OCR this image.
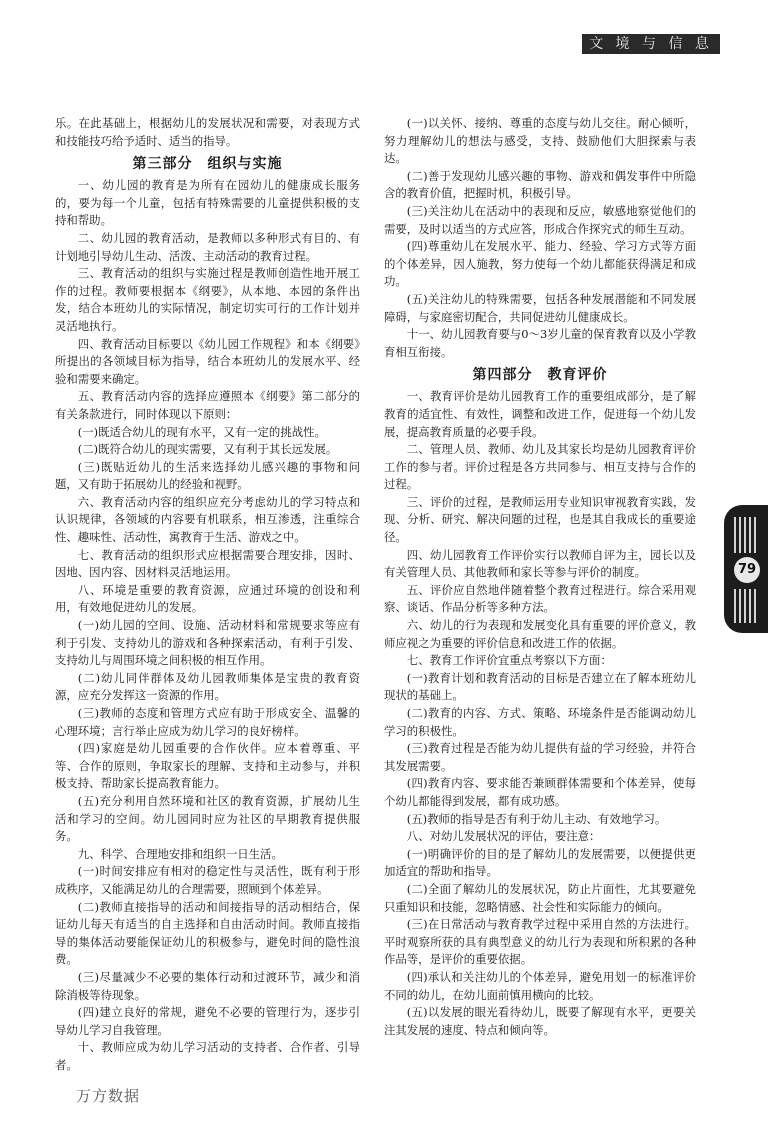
文 境 与 信 息
79

乐。在此基础上，根据幼儿的发展状况和需要，对表现方式和技能技巧给予适时、适当的指导。

第三部分　组织与实施

一、幼儿园的教育是为所有在园幼儿的健康成长服务的，要为每一个儿童，包括有特殊需要的儿童提供积极的支持和帮助。

二、幼儿园的教育活动，是教师以多种形式有目的、有计划地引导幼儿生动、活泼、主动活动的教育过程。

三、教育活动的组织与实施过程是教师创造性地开展工作的过程。教师要根据本《纲要》，从本地、本园的条件出发，结合本班幼儿的实际情况，制定切实可行的工作计划并灵活地执行。

四、教育活动目标要以《幼儿园工作规程》和本《纲要》所提出的各领域目标为指导，结合本班幼儿的发展水平、经验和需要来确定。

五、教育活动内容的选择应遵照本《纲要》第二部分的有关条款进行，同时体现以下原则：

(一)既适合幼儿的现有水平，又有一定的挑战性。

(二)既符合幼儿的现实需要，又有利于其长远发展。

(三)既贴近幼儿的生活来选择幼儿感兴趣的事物和问题，又有助于拓展幼儿的经验和视野。

六、教育活动内容的组织应充分考虑幼儿的学习特点和认识规律，各领域的内容要有机联系，相互渗透，注重综合性、趣味性、活动性，寓教育于生活、游戏之中。

七、教育活动的组织形式应根据需要合理安排，因时、因地、因内容、因材料灵活地运用。

八、环境是重要的教育资源，应通过环境的创设和利用，有效地促进幼儿的发展。

(一)幼儿园的空间、设施、活动材料和常规要求等应有利于引发、支持幼儿的游戏和各种探索活动，有利于引发、支持幼儿与周围环境之间积极的相互作用。

(二)幼儿同伴群体及幼儿园教师集体是宝贵的教育资源，应充分发挥这一资源的作用。

(三)教师的态度和管理方式应有助于形成安全、温馨的心理环境；言行举止应成为幼儿学习的良好榜样。

(四)家庭是幼儿园重要的合作伙伴。应本着尊重、平等、合作的原则，争取家长的理解、支持和主动参与，并积极支持、帮助家长提高教育能力。

(五)充分利用自然环境和社区的教育资源，扩展幼儿生活和学习的空间。幼儿园同时应为社区的早期教育提供服务。

九、科学、合理地安排和组织一日生活。

(一)时间安排应有相对的稳定性与灵活性，既有利于形成秩序，又能满足幼儿的合理需要，照顾到个体差异。

(二)教师直接指导的活动和间接指导的活动相结合，保证幼儿每天有适当的自主选择和自由活动时间。教师直接指导的集体活动要能保证幼儿的积极参与，避免时间的隐性浪费。

(三)尽量减少不必要的集体行动和过渡环节，减少和消除消极等待现象。

(四)建立良好的常规，避免不必要的管理行为，逐步引导幼儿学习自我管理。

十、教师应成为幼儿学习活动的支持者、合作者、引导者。

(一)以关怀、接纳、尊重的态度与幼儿交往。耐心倾听，努力理解幼儿的想法与感受，支持、鼓励他们大胆探索与表达。

(二)善于发现幼儿感兴趣的事物、游戏和偶发事件中所隐含的教育价值，把握时机，积极引导。

(三)关注幼儿在活动中的表现和反应，敏感地察觉他们的需要，及时以适当的方式应答，形成合作探究式的师生互动。

(四)尊重幼儿在发展水平、能力、经验、学习方式等方面的个体差异，因人施教，努力使每一个幼儿都能获得满足和成功。

(五)关注幼儿的特殊需要，包括各种发展潜能和不同发展障碍，与家庭密切配合，共同促进幼儿健康成长。

十一、幼儿园教育要与0～3岁儿童的保育教育以及小学教育相互衔接。

第四部分　教育评价

一、教育评价是幼儿园教育工作的重要组成部分，是了解教育的适宜性、有效性，调整和改进工作，促进每一个幼儿发展，提高教育质量的必要手段。

二、管理人员、教师、幼儿及其家长均是幼儿园教育评价工作的参与者。评价过程是各方共同参与、相互支持与合作的过程。

三、评价的过程，是教师运用专业知识审视教育实践，发现、分析、研究、解决问题的过程，也是其自我成长的重要途径。

四、幼儿园教育工作评价实行以教师自评为主，园长以及有关管理人员、其他教师和家长等参与评价的制度。

五、评价应自然地伴随着整个教育过程进行。综合采用观察、谈话、作品分析等多种方法。

六、幼儿的行为表现和发展变化具有重要的评价意义，教师应视之为重要的评价信息和改进工作的依据。

七、教育工作评价宜重点考察以下方面：

(一)教育计划和教育活动的目标是否建立在了解本班幼儿现状的基础上。

(二)教育的内容、方式、策略、环境条件是否能调动幼儿学习的积极性。

(三)教育过程是否能为幼儿提供有益的学习经验，并符合其发展需要。

(四)教育内容、要求能否兼顾群体需要和个体差异，使每个幼儿都能得到发展，都有成功感。

(五)教师的指导是否有利于幼儿主动、有效地学习。

八、对幼儿发展状况的评估，要注意：

(一)明确评价的目的是了解幼儿的发展需要，以便提供更加适宜的帮助和指导。

(二)全面了解幼儿的发展状况，防止片面性，尤其要避免只重知识和技能，忽略情感、社会性和实际能力的倾向。

(三)在日常活动与教育教学过程中采用自然的方法进行。平时观察所获的具有典型意义的幼儿行为表现和所积累的各种作品等，是评价的重要依据。

(四)承认和关注幼儿的个体差异，避免用划一的标准评价不同的幼儿，在幼儿面前慎用横向的比较。

(五)以发展的眼光看待幼儿，既要了解现有水平，更要关注其发展的速度、特点和倾向等。

万方数据
